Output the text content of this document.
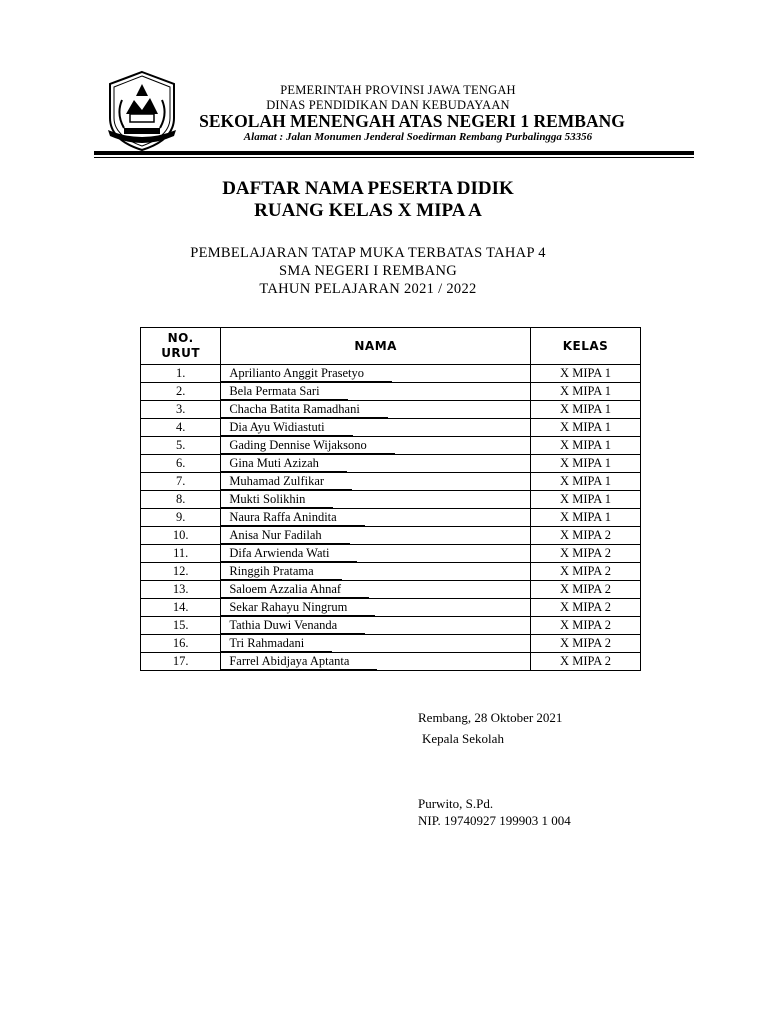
PEMERINTAH PROVINSI JAWA TENGAH
DINAS PENDIDIKAN DAN KEBUDAYAAN
SEKOLAH MENENGAH ATAS NEGERI 1 REMBANG
Alamat : Jalan Monumen Jenderal Soedirman Rembang Purbalingga 53356
DAFTAR NAMA PESERTA DIDIK
RUANG KELAS X MIPA A
PEMBELAJARAN TATAP MUKA TERBATAS TAHAP 4
SMA NEGERI I REMBANG
TAHUN PELAJARAN 2021 / 2022
NO.
URUT	NAMA	KELAS
1.	Aprilianto Anggit Prasetyo	X MIPA 1
2.	Bela Permata Sari	X MIPA 1
3.	Chacha Batita Ramadhani	X MIPA 1
4.	Dia Ayu Widiastuti	X MIPA 1
5.	Gading Dennise Wijaksono	X MIPA 1
6.	Gina Muti Azizah	X MIPA 1
7.	Muhamad Zulfikar	X MIPA 1
8.	Mukti Solikhin	X MIPA 1
9.	Naura Raffa Anindita	X MIPA 1
10.	Anisa Nur Fadilah	X MIPA 2
11.	Difa Arwienda Wati	X MIPA 2
12.	Ringgih Pratama	X MIPA 2
13.	Saloem Azzalia Ahnaf	X MIPA 2
14.	Sekar Rahayu Ningrum	X MIPA 2
15.	Tathia Duwi Venanda	X MIPA 2
16.	Tri Rahmadani	X MIPA 2
17.	Farrel Abidjaya Aptanta	X MIPA 2
Rembang, 28 Oktober 2021
Kepala Sekolah
Purwito, S.Pd.
NIP. 19740927 199903 1 004
